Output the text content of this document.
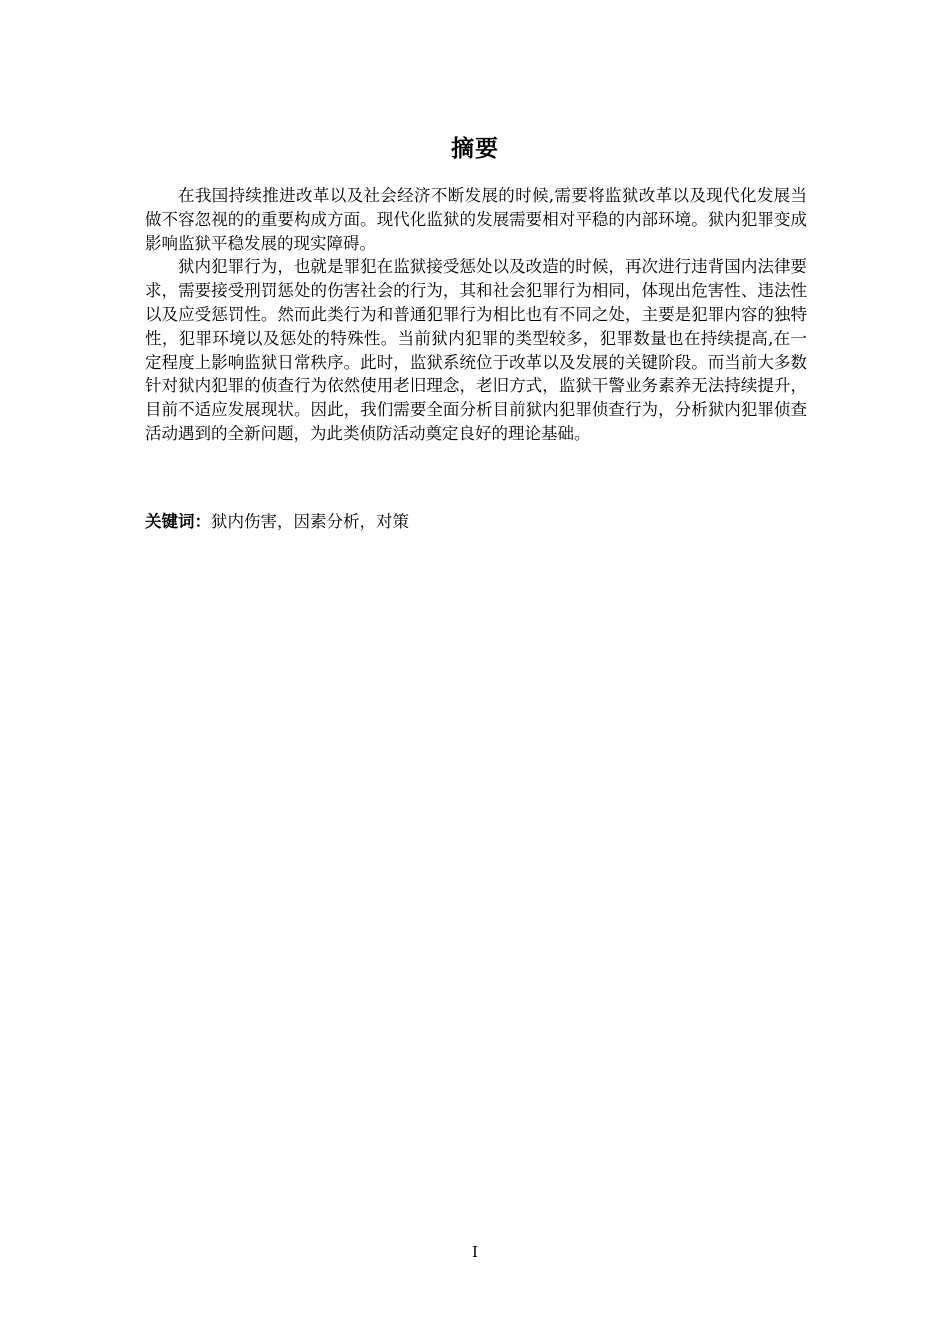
摘要

在我国持续推进改革以及社会经济不断发展的时候,需要将监狱改革以及现代化发展当做不容忽视的的重要构成方面。现代化监狱的发展需要相对平稳的内部环境。狱内犯罪变成影响监狱平稳发展的现实障碍。

狱内犯罪行为，也就是罪犯在监狱接受惩处以及改造的时候，再次进行违背国内法律要求，需要接受刑罚惩处的伤害社会的行为，其和社会犯罪行为相同，体现出危害性、违法性以及应受惩罚性。然而此类行为和普通犯罪行为相比也有不同之处，主要是犯罪内容的独特性，犯罪环境以及惩处的特殊性。当前狱内犯罪的类型较多，犯罪数量也在持续提高,在一定程度上影响监狱日常秩序。此时，监狱系统位于改革以及发展的关键阶段。而当前大多数针对狱内犯罪的侦查行为依然使用老旧理念，老旧方式，监狱干警业务素养无法持续提升，目前不适应发展现状。因此，我们需要全面分析目前狱内犯罪侦查行为，分析狱内犯罪侦查活动遇到的全新问题，为此类侦防活动奠定良好的理论基础。

关键词：狱内伤害，因素分析，对策
I
